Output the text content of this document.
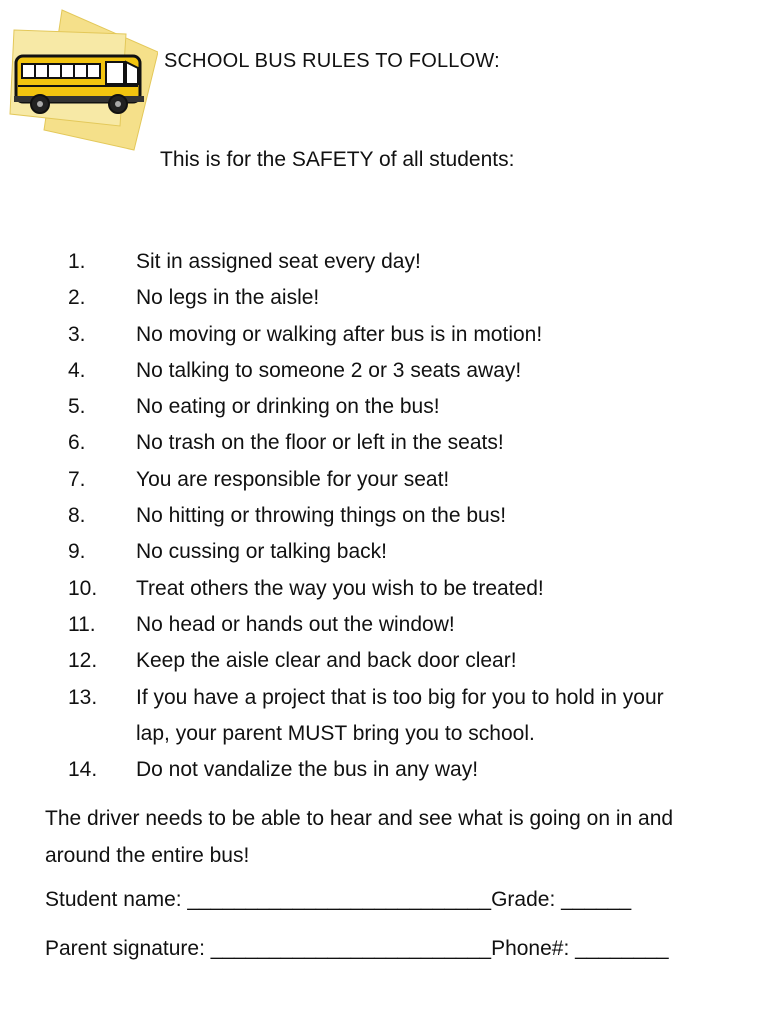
SCHOOL BUS RULES TO FOLLOW:
This is for the SAFETY of all students:
1. Sit in assigned seat every day!
2. No legs in the aisle!
3. No moving or walking after bus is in motion!
4. No talking to someone 2 or 3 seats away!
5. No eating or drinking on the bus!
6. No trash on the floor or left in the seats!
7. You are responsible for your seat!
8. No hitting or throwing things on the bus!
9. No cussing or talking back!
10. Treat others the way you wish to be treated!
11. No head or hands out the window!
12. Keep the aisle clear and back door clear!
13. If you have a project that is too big for you to hold in your lap, your parent MUST bring you to school.
14. Do not vandalize the bus in any way!
The driver needs to be able to hear and see what is going on in and around the entire bus!
Student name: __________________________Grade: ______
Parent signature: ________________________Phone#: ________
